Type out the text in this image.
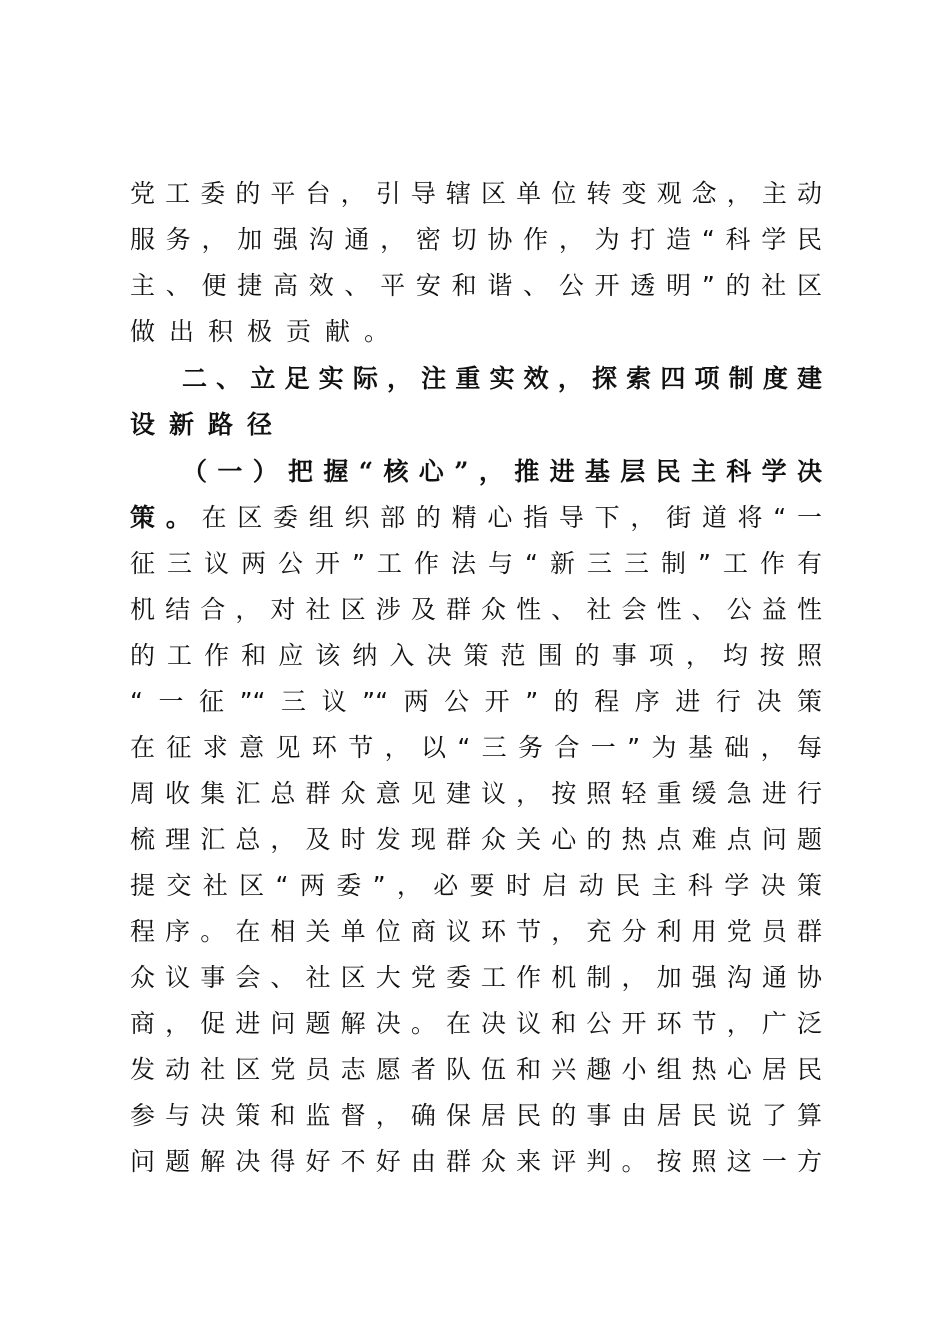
党工委的平台，引导辖区单位转变观念，主动
服务，加强沟通，密切协作，为打造“科学民
主、便捷高效、平安和谐、公开透明”的社区
做出积极贡献。
二、立足实际，注重实效，探索四项制度建
设新路径
（一）把握“核心”，推进基层民主科学决
策。在区委组织部的精心指导下，街道将“一
征三议两公开”工作法与“新三三制”工作有
机结合，对社区涉及群众性、社会性、公益性
的工作和应该纳入决策范围的事项，均按照
“一征”“三议”“两公开”的程序进行决策
在征求意见环节，以“三务合一”为基础，每
周收集汇总群众意见建议，按照轻重缓急进行
梳理汇总，及时发现群众关心的热点难点问题
提交社区“两委”，必要时启动民主科学决策
程序。在相关单位商议环节，充分利用党员群
众议事会、社区大党委工作机制，加强沟通协
商，促进问题解决。在决议和公开环节，广泛
发动社区党员志愿者队伍和兴趣小组热心居民
参与决策和监督，确保居民的事由居民说了算
问题解决得好不好由群众来评判。按照这一方
